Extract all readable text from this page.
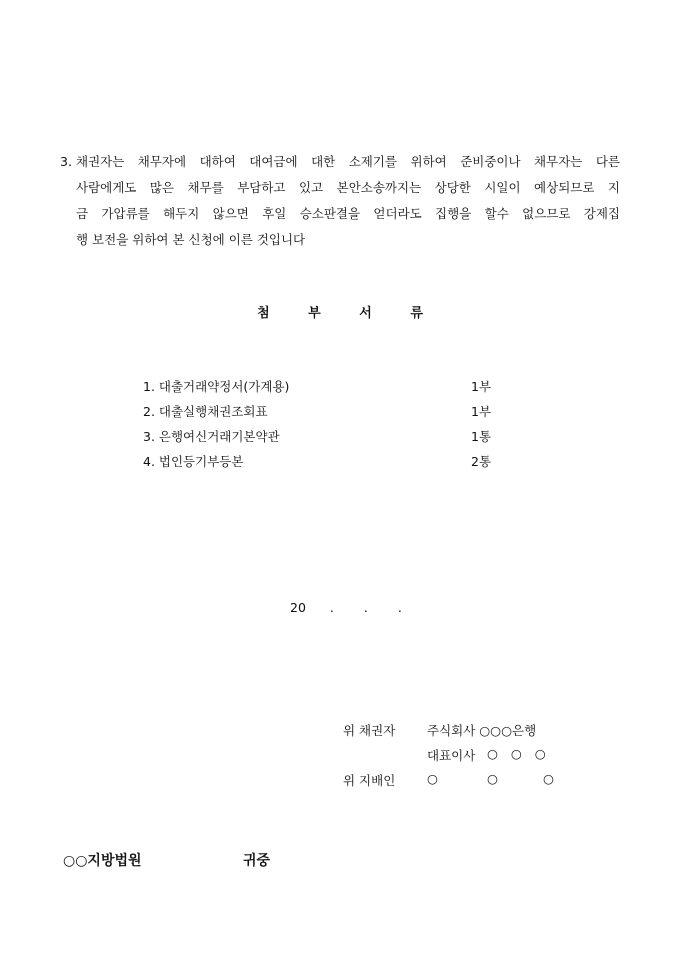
3. 채권자는 채무자에 대하여 대여금에 대한 소제기를 위하여 준비중이나 채무자는 다른
사람에게도 많은 채무를 부담하고 있고 본안소송까지는 상당한 시일이 예상되므로 지
금 가압류를 해두지 않으면 후일 승소판결을 얻더라도 집행을 할수 없으므로 강제집
행 보전을 위하여 본 신청에 이른 것입니다
첨	부	서	류
1. 대출거래약정서(가계용)	1부
2. 대출실행채권조회표	1부
3. 은행여신거래기본약관	1통
4. 법인등기부등본	2통
20 . . .
위 채권자	주식회사 ○○○은행
대표이사 ○ ○ ○
위 지배인	○	○	○
○○지방법원	귀중
